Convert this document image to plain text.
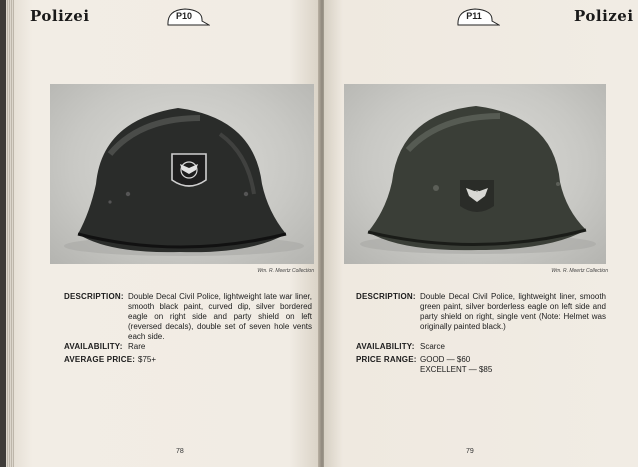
Polizei	P10
Wm. R. Meertz Collection
DESCRIPTION: Double Decal Civil Police, lightweight late war liner, smooth black paint, curved dip, silver bordered eagle on right side and party shield on left (reversed decals), double set of seven hole vents each side.
AVAILABILITY: Rare
AVERAGE PRICE: $75+
78
P11	Polizei
Wm. R. Meertz Collection
DESCRIPTION: Double Decal Civil Police, lightweight liner, smooth green paint, silver borderless eagle on left side and party shield on right, single vent (Note: Helmet was originally painted black.)
AVAILABILITY: Scarce
PRICE RANGE: GOOD — $60
EXCELLENT — $85
79
